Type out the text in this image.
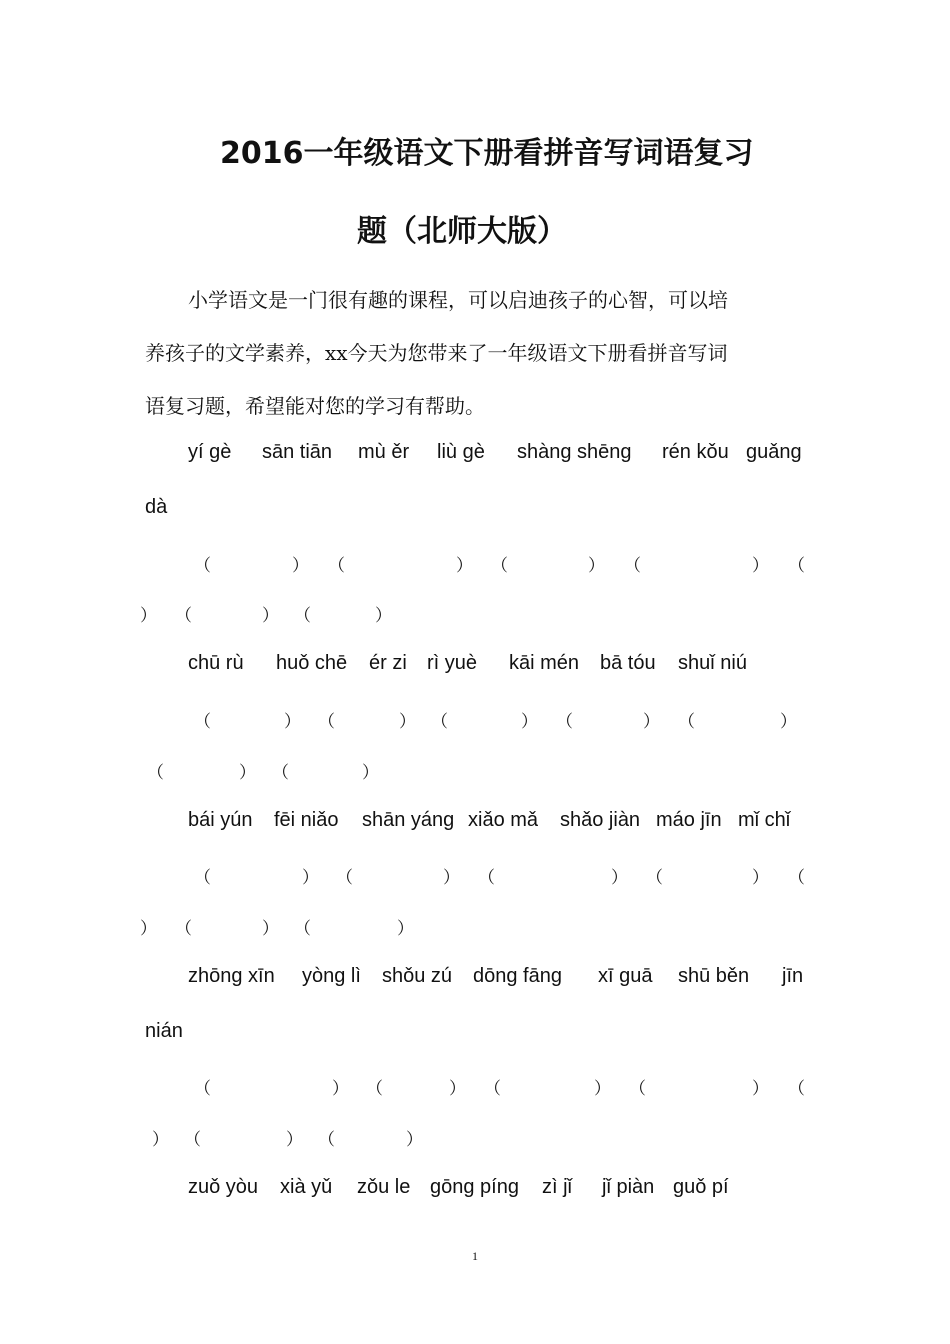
2016一年级语文下册看拼音写词语复习
题（北师大版）
小学语文是一门很有趣的课程，可以启迪孩子的心智，可以培
养孩子的文学素养，xx今天为您带来了一年级语文下册看拼音写词
语复习题，希望能对您的学习有帮助。
yí gè sān tiān mù ěr liù gè shàng shēng rén kǒu guǎng
dà
（	） （	） （	） （	） （
） （	） （	）
chū rù huǒ chē ér zi rì yuè kāi mén bā tóu shuǐ niú
（	） （	） （	） （	） （	）
（	） （	）
bái yún fēi niǎo shān yáng xiǎo mǎ shǎo jiàn máo jīn mǐ chǐ
（	） （	） （	） （	） （
） （	） （	）
zhōng xīn yòng lì shǒu zú dōng fāng xī guā shū běn jīn
nián
（	） （	） （	） （	） （
） （	） （	）
zuǒ yòu xià yǔ zǒu le gōng píng zì jǐ jǐ piàn guǒ pí
1
